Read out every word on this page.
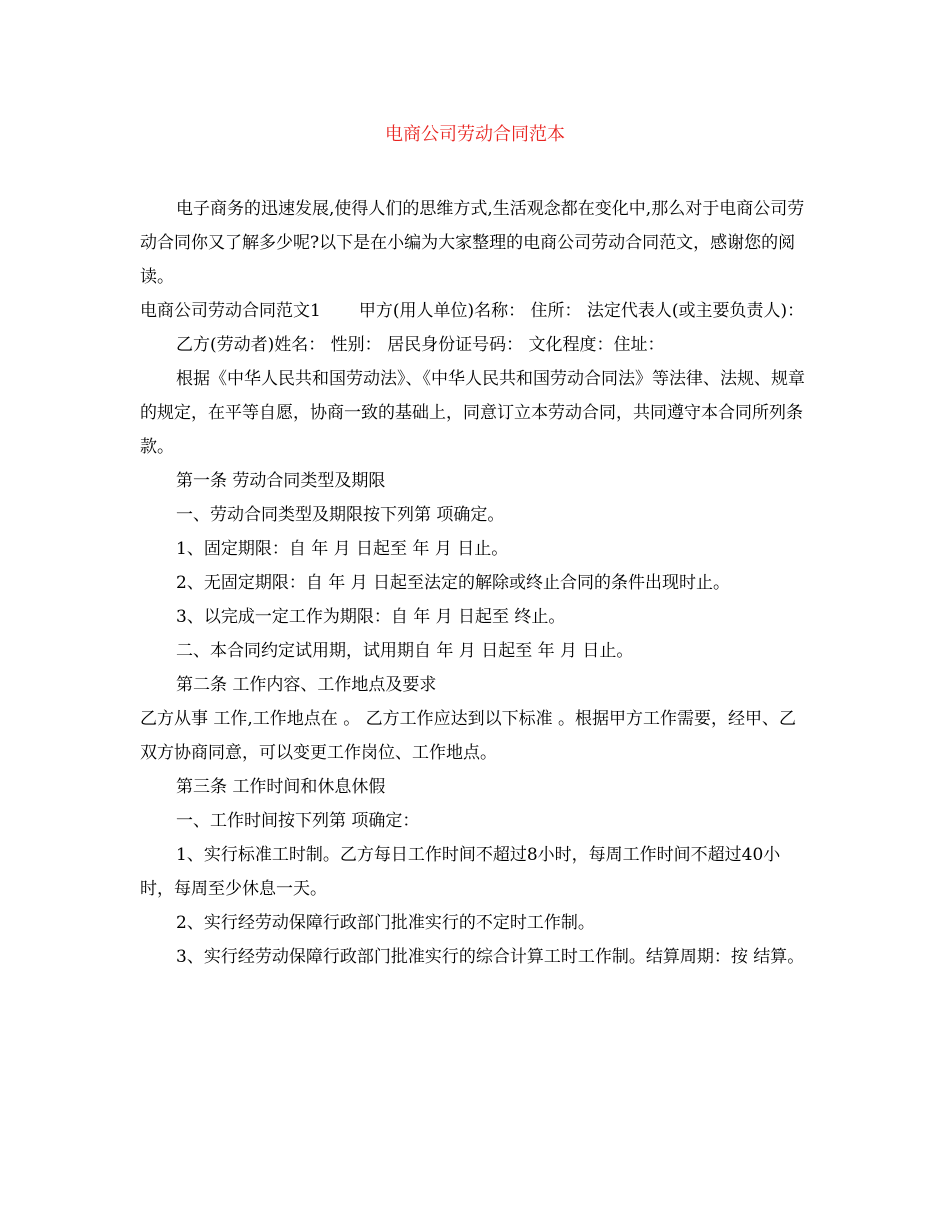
电商公司劳动合同范本

电子商务的迅速发展,使得人们的思维方式,生活观念都在变化中,那么对于电商公司劳动合同你又了解多少呢?以下是在小编为大家整理的电商公司劳动合同范文，感谢您的阅读。

电商公司劳动合同范文1 甲方(用人单位)名称： 住所： 法定代表人(或主要负责人)：

乙方(劳动者)姓名： 性别： 居民身份证号码： 文化程度：住址：

根据《中华人民共和国劳动法》、《中华人民共和国劳动合同法》等法律、法规、规章的规定，在平等自愿，协商一致的基础上，同意订立本劳动合同，共同遵守本合同所列条款。

第一条 劳动合同类型及期限

一、劳动合同类型及期限按下列第 项确定。

1、固定期限：自 年 月 日起至 年 月 日止。

2、无固定期限：自 年 月 日起至法定的解除或终止合同的条件出现时止。

3、以完成一定工作为期限：自 年 月 日起至 终止。

二、本合同约定试用期，试用期自 年 月 日起至 年 月 日止。

第二条 工作内容、工作地点及要求

乙方从事 工作,工作地点在 。 乙方工作应达到以下标准 。根据甲方工作需要，经甲、乙双方协商同意，可以变更工作岗位、工作地点。

第三条 工作时间和休息休假

一、工作时间按下列第 项确定：

1、实行标准工时制。乙方每日工作时间不超过8小时，每周工作时间不超过40小时，每周至少休息一天。

2、实行经劳动保障行政部门批准实行的不定时工作制。

3、实行经劳动保障行政部门批准实行的综合计算工时工作制。结算周期：按 结算。
